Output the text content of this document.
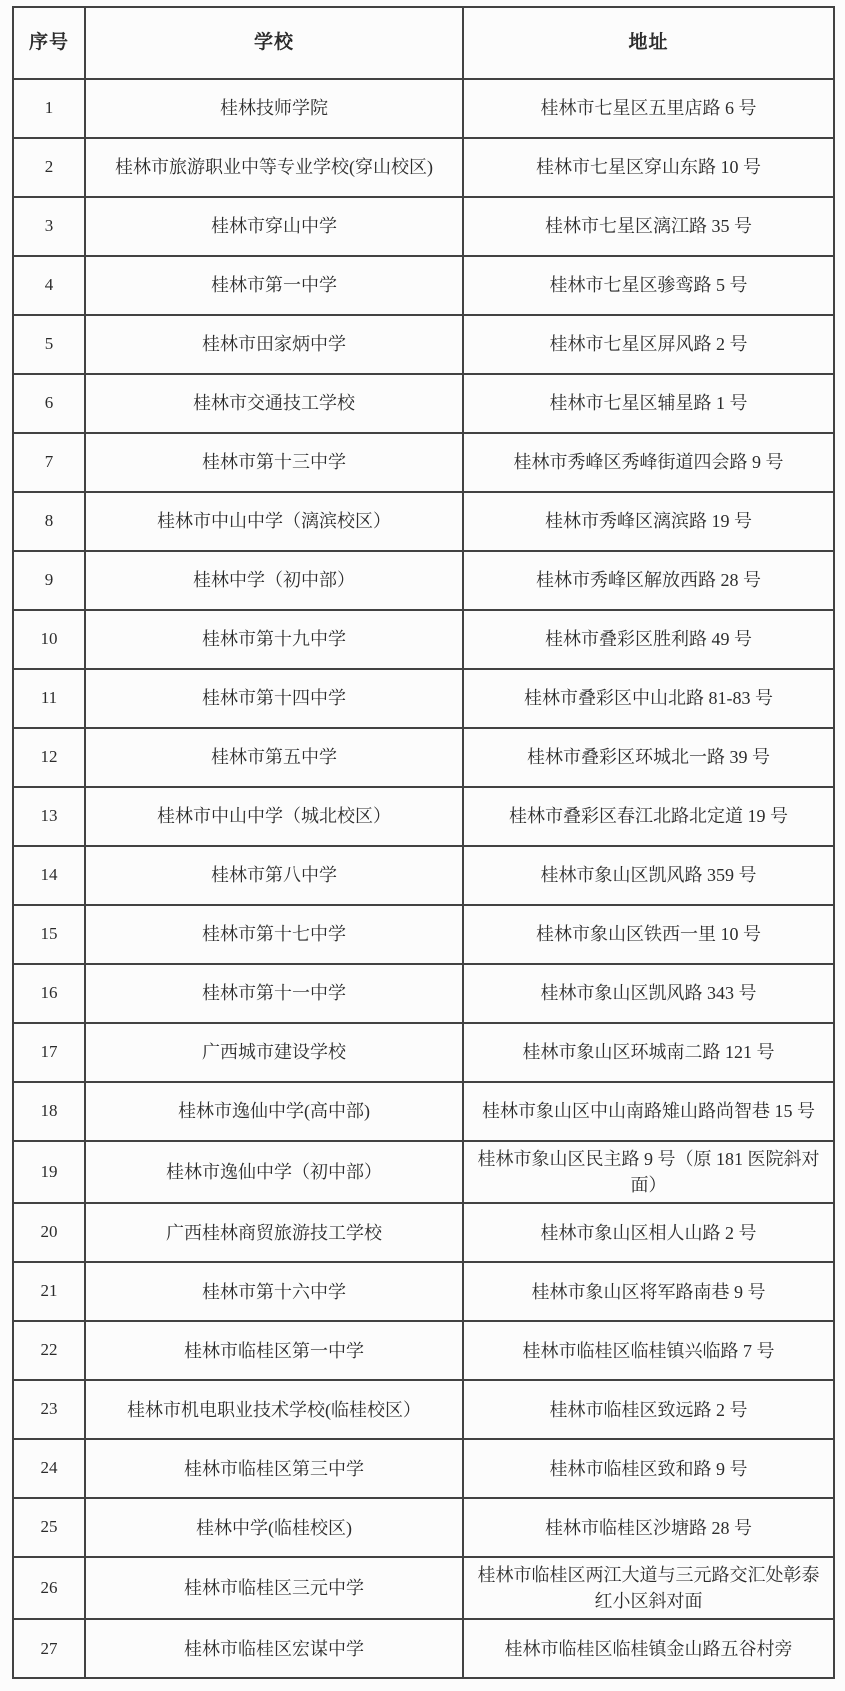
序号	学校	地址
1	桂林技师学院	桂林市七星区五里店路 6 号
2	桂林市旅游职业中等专业学校(穿山校区)	桂林市七星区穿山东路 10 号
3	桂林市穿山中学	桂林市七星区漓江路 35 号
4	桂林市第一中学	桂林市七星区骖鸾路 5 号
5	桂林市田家炳中学	桂林市七星区屏风路 2 号
6	桂林市交通技工学校	桂林市七星区辅星路 1 号
7	桂林市第十三中学	桂林市秀峰区秀峰街道四会路 9 号
8	桂林市中山中学（漓滨校区）	桂林市秀峰区漓滨路 19 号
9	桂林中学（初中部）	桂林市秀峰区解放西路 28 号
10	桂林市第十九中学	桂林市叠彩区胜利路 49 号
11	桂林市第十四中学	桂林市叠彩区中山北路 81-83 号
12	桂林市第五中学	桂林市叠彩区环城北一路 39 号
13	桂林市中山中学（城北校区）	桂林市叠彩区春江北路北定道 19 号
14	桂林市第八中学	桂林市象山区凯风路 359 号
15	桂林市第十七中学	桂林市象山区铁西一里 10 号
16	桂林市第十一中学	桂林市象山区凯风路 343 号
17	广西城市建设学校	桂林市象山区环城南二路 121 号
18	桂林市逸仙中学(高中部)	桂林市象山区中山南路雉山路尚智巷 15 号
19	桂林市逸仙中学（初中部）	桂林市象山区民主路 9 号（原 181 医院斜对面）
20	广西桂林商贸旅游技工学校	桂林市象山区相人山路 2 号
21	桂林市第十六中学	桂林市象山区将军路南巷 9 号
22	桂林市临桂区第一中学	桂林市临桂区临桂镇兴临路 7 号
23	桂林市机电职业技术学校(临桂校区）	桂林市临桂区致远路 2 号
24	桂林市临桂区第三中学	桂林市临桂区致和路 9 号
25	桂林中学(临桂校区)	桂林市临桂区沙塘路 28 号
26	桂林市临桂区三元中学	桂林市临桂区两江大道与三元路交汇处彰泰红小区斜对面
27	桂林市临桂区宏谋中学	桂林市临桂区临桂镇金山路五谷村旁
